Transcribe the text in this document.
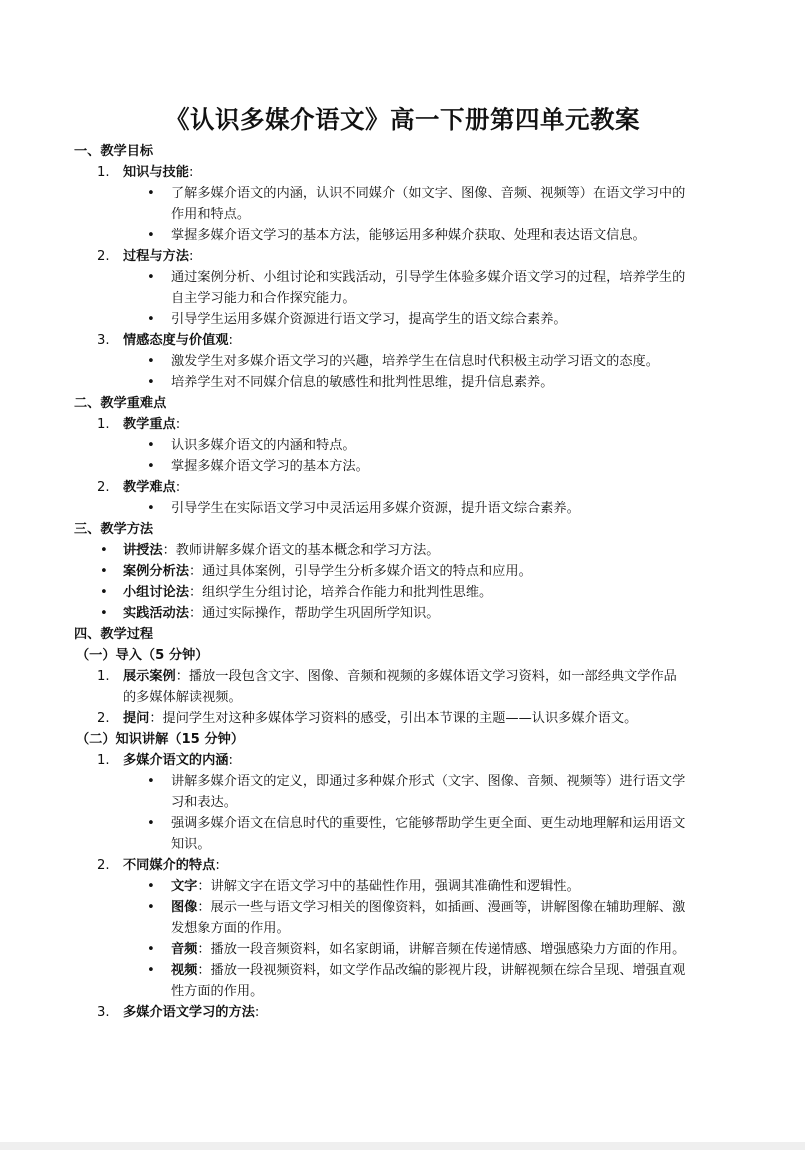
《认识多媒介语文》高一下册第四单元教案
一、教学目标
1. 知识与技能:
• 了解多媒介语文的内涵，认识不同媒介（如文字、图像、音频、视频等）在语文学习中的
作用和特点。
• 掌握多媒介语文学习的基本方法，能够运用多种媒介获取、处理和表达语文信息。
2. 过程与方法:
• 通过案例分析、小组讨论和实践活动，引导学生体验多媒介语文学习的过程，培养学生的
自主学习能力和合作探究能力。
• 引导学生运用多媒介资源进行语文学习，提高学生的语文综合素养。
3. 情感态度与价值观:
• 激发学生对多媒介语文学习的兴趣，培养学生在信息时代积极主动学习语文的态度。
• 培养学生对不同媒介信息的敏感性和批判性思维，提升信息素养。
二、教学重难点
1. 教学重点:
• 认识多媒介语文的内涵和特点。
• 掌握多媒介语文学习的基本方法。
2. 教学难点:
• 引导学生在实际语文学习中灵活运用多媒介资源，提升语文综合素养。
三、教学方法
• 讲授法：教师讲解多媒介语文的基本概念和学习方法。
• 案例分析法：通过具体案例，引导学生分析多媒介语文的特点和应用。
• 小组讨论法：组织学生分组讨论，培养合作能力和批判性思维。
• 实践活动法：通过实际操作，帮助学生巩固所学知识。
四、教学过程
（一）导入（5 分钟）
1. 展示案例：播放一段包含文字、图像、音频和视频的多媒体语文学习资料，如一部经典文学作品
的多媒体解读视频。
2. 提问：提问学生对这种多媒体学习资料的感受，引出本节课的主题——认识多媒介语文。
（二）知识讲解（15 分钟）
1. 多媒介语文的内涵:
• 讲解多媒介语文的定义，即通过多种媒介形式（文字、图像、音频、视频等）进行语文学
习和表达。
• 强调多媒介语文在信息时代的重要性，它能够帮助学生更全面、更生动地理解和运用语文
知识。
2. 不同媒介的特点:
• 文字：讲解文字在语文学习中的基础性作用，强调其准确性和逻辑性。
• 图像：展示一些与语文学习相关的图像资料，如插画、漫画等，讲解图像在辅助理解、激
发想象方面的作用。
• 音频：播放一段音频资料，如名家朗诵，讲解音频在传递情感、增强感染力方面的作用。
• 视频：播放一段视频资料，如文学作品改编的影视片段，讲解视频在综合呈现、增强直观
性方面的作用。
3. 多媒介语文学习的方法:
